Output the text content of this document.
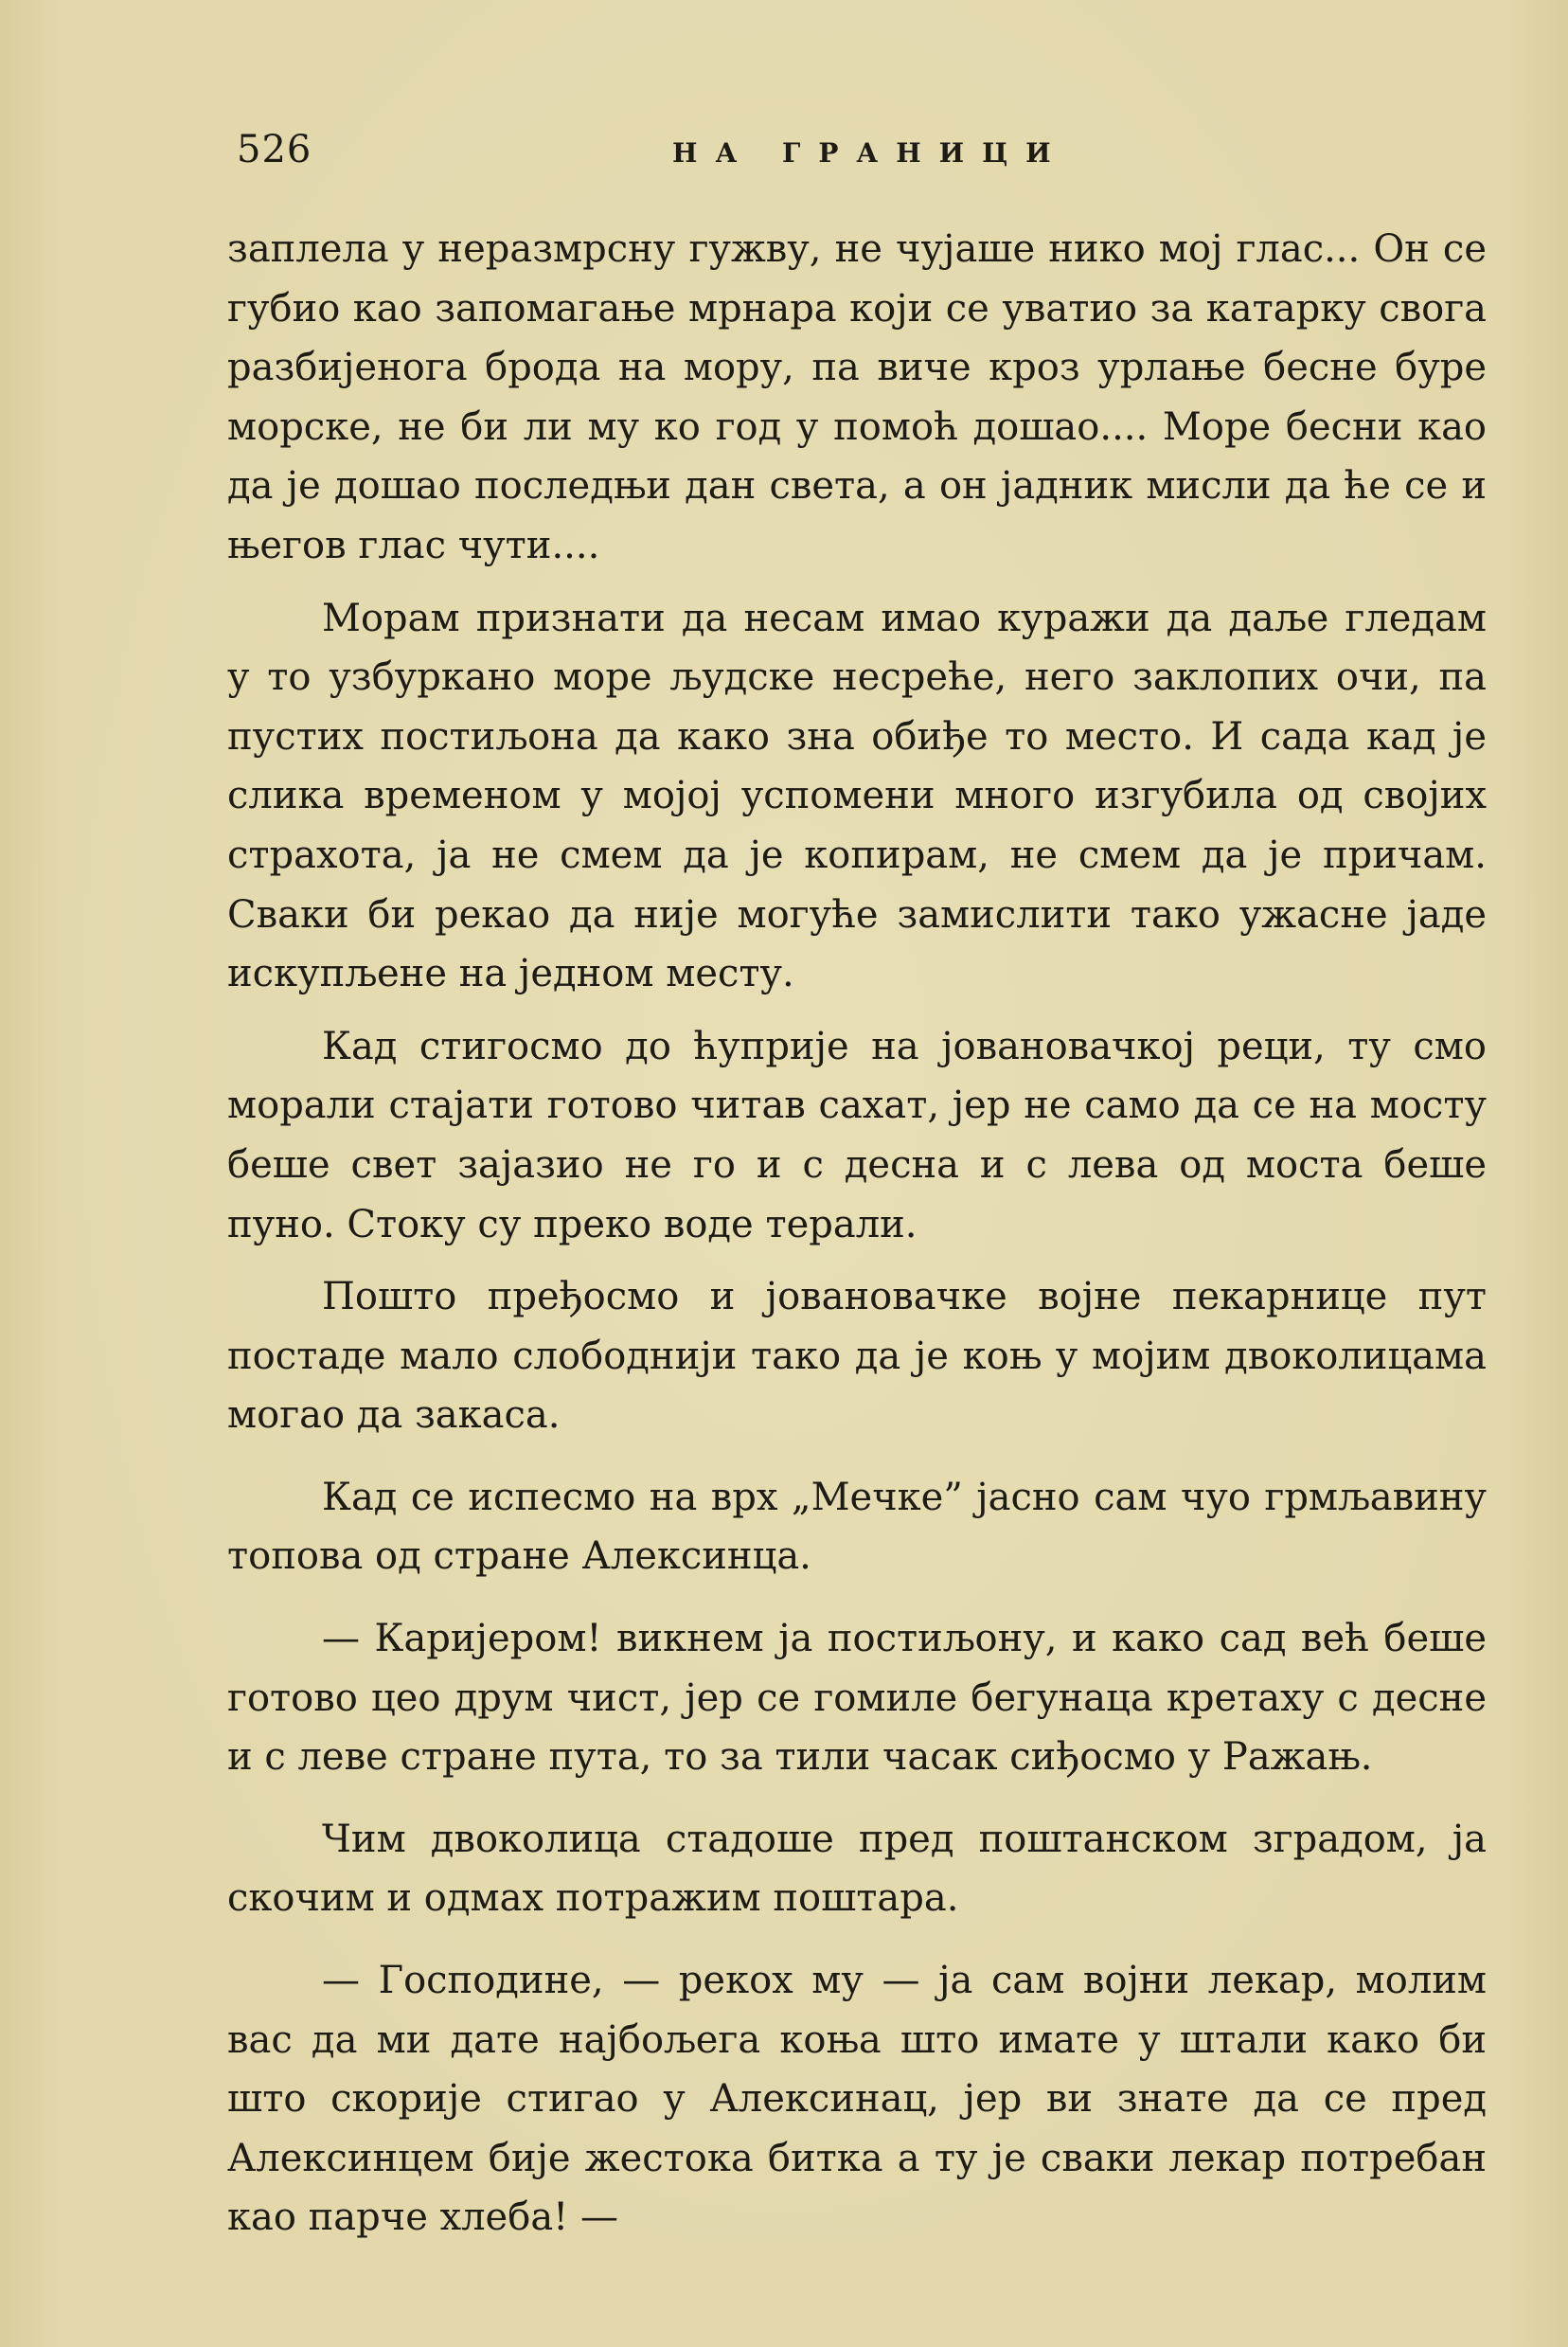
526	НА ГРАНИЦИ

заплела у неразмрсну гужву, не чујаше нико мој глас... Он се губио као запомагање мрнара који се уватио за катарку свога разбијенога брода на мору, па виче кроз урлање бесне буре морске, не би ли му ко год у помоћ дошао.... Море бесни као да је дошао последњи дан света, а он јадник мисли да ће се и његов глас чути....

Морам признати да несам имао куражи да даље гледам у то узбуркано море људске несреће, него заклопих очи, па пустих постиљона да како зна обиђе то место. И сада кад је слика временом у мојој успомени много изгубила од својих страхота, ја не смем да је копирам, не смем да је причам. Сваки би рекао да није могуће замислити тако ужасне јаде искупљене на једном месту.

Кад стигосмо до ћуприје на јовановачкој реци, ту смо морали стајати готово читав сахат, јер не само да се на мосту беше свет зајазио не го и с десна и с лева од моста беше пуно. Стоку су преко воде терали.

Пошто пређосмо и јовановачке војне пекарнице пут постаде мало слободнији тако да је коњ у мојим двоколицама могао да закаса.

Кад се испесмо на врх „Мечке” јасно сам чуо грмљавину топова од стране Алексинца.

— Каријером! викнем ја постиљону, и како сад већ беше готово цео друм чист, јер се гомиле бегунаца кретаху с десне и с леве стране пута, то за тили часак сиђосмо у Ражањ.

Чим двоколица стадоше пред поштанском зградом, ја скочим и одмах потражим поштара.

— Господине, — рекох му — ја сам војни лекар, молим вас да ми дате најбољега коња што имате у штали како би што скорије стигао у Алексинац, јер ви знате да се пред Алексинцем бије жестока битка а ту је сваки лекар потребан као парче хлеба! —
